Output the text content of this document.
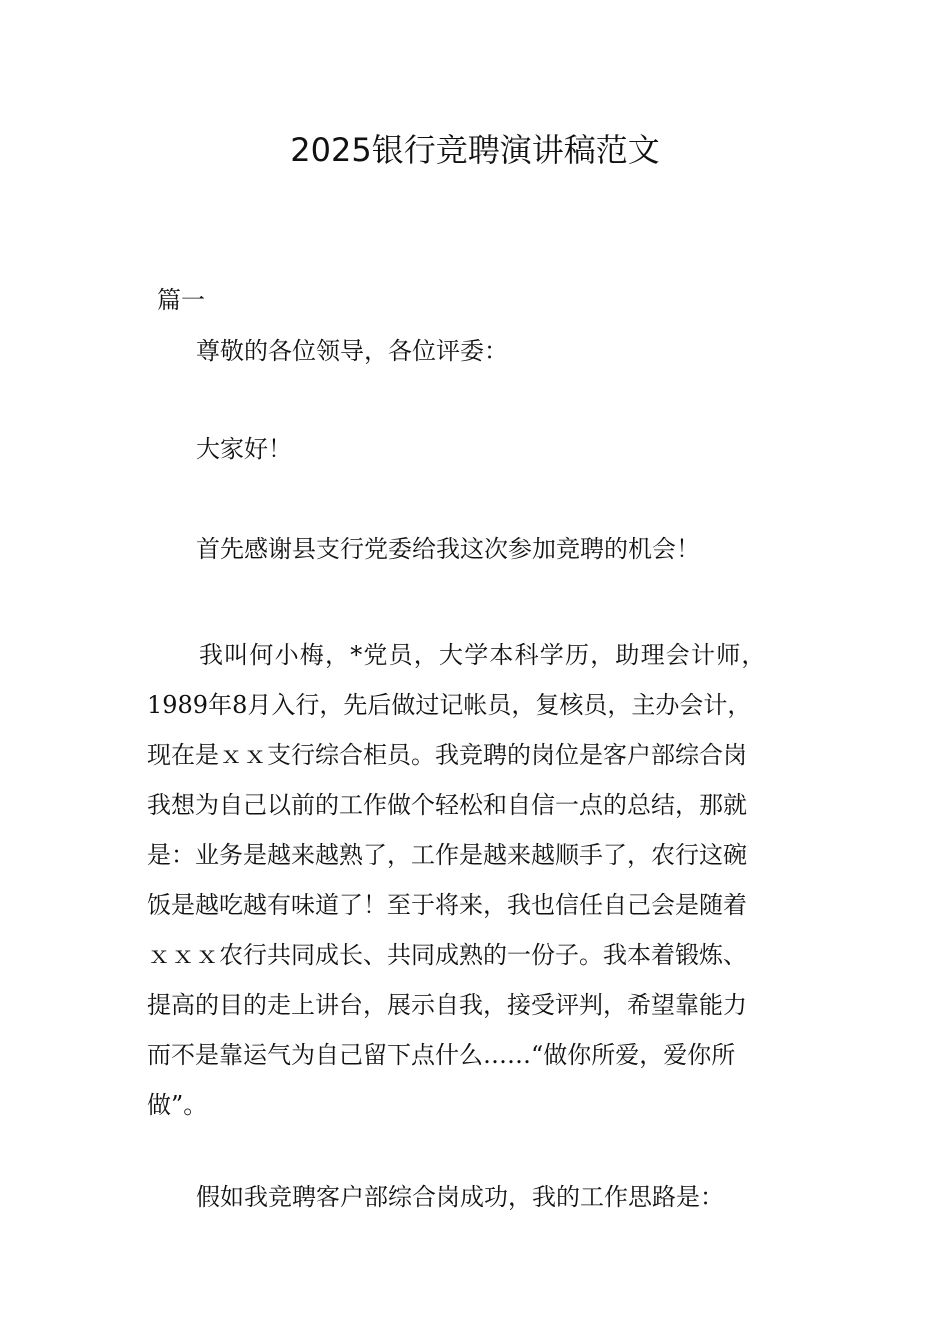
2025银行竞聘演讲稿范文
篇一
尊敬的各位领导，各位评委：
大家好！
首先感谢县支行党委给我这次参加竞聘的机会！
我叫何小梅，*党员，大学本科学历，助理会计师，
1989年8月入行，先后做过记帐员，复核员，主办会计，
现在是ｘｘ支行综合柜员。我竞聘的岗位是客户部综合岗
我想为自己以前的工作做个轻松和自信一点的总结，那就
是：业务是越来越熟了，工作是越来越顺手了，农行这碗
饭是越吃越有味道了！至于将来，我也信任自己会是随着
ｘｘｘ农行共同成长、共同成熟的一份子。我本着锻炼、
提高的目的走上讲台，展示自我，接受评判，希望靠能力
而不是靠运气为自己留下点什么……“做你所爱，爱你所
做”。
假如我竞聘客户部综合岗成功，我的工作思路是：
